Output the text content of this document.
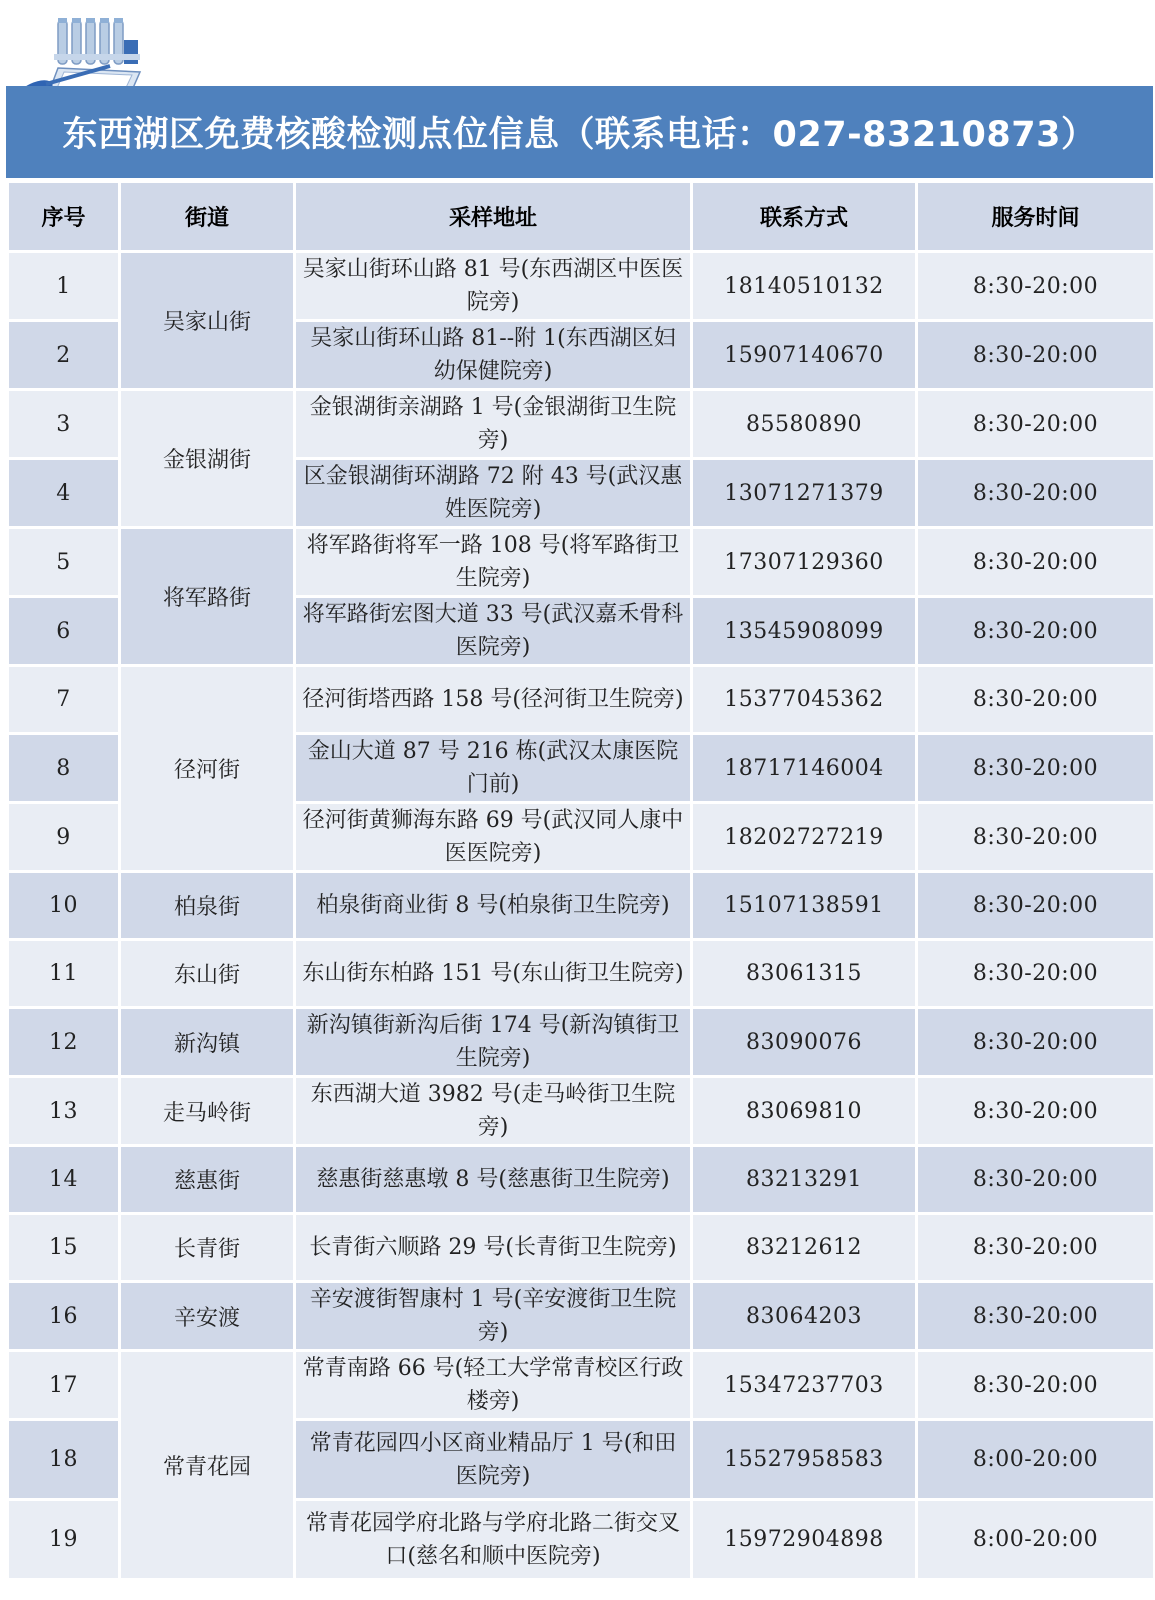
东西湖区免费核酸检测点位信息（联系电话：027-83210873）
序号	街道	采样地址	联系方式	服务时间
1	吴家山街	吴家山街环山路 81 号(东西湖区中医医院旁)	18140510132	8:30-20:00
2		吴家山街环山路 81--附 1(东西湖区妇幼保健院旁)	15907140670	8:30-20:00
3	金银湖街	金银湖街亲湖路 1 号(金银湖街卫生院旁)	85580890	8:30-20:00
4		区金银湖街环湖路 72 附 43 号(武汉惠姓医院旁)	13071271379	8:30-20:00
5	将军路街	将军路街将军一路 108 号(将军路街卫生院旁)	17307129360	8:30-20:00
6		将军路街宏图大道 33 号(武汉嘉禾骨科医院旁)	13545908099	8:30-20:00
7	径河街	径河街塔西路 158 号(径河街卫生院旁)	15377045362	8:30-20:00
8		金山大道 87 号 216 栋(武汉太康医院门前)	18717146004	8:30-20:00
9		径河街黄狮海东路 69 号(武汉同人康中医医院旁)	18202727219	8:30-20:00
10	柏泉街	柏泉街商业街 8 号(柏泉街卫生院旁)	15107138591	8:30-20:00
11	东山街	东山街东柏路 151 号(东山街卫生院旁)	83061315	8:30-20:00
12	新沟镇	新沟镇街新沟后街 174 号(新沟镇街卫生院旁)	83090076	8:30-20:00
13	走马岭街	东西湖大道 3982 号(走马岭街卫生院旁)	83069810	8:30-20:00
14	慈惠街	慈惠街慈惠墩 8 号(慈惠街卫生院旁)	83213291	8:30-20:00
15	长青街	长青街六顺路 29 号(长青街卫生院旁)	83212612	8:30-20:00
16	辛安渡	辛安渡街智康村 1 号(辛安渡街卫生院旁)	83064203	8:30-20:00
17	常青花园	常青南路 66 号(轻工大学常青校区行政楼旁)	15347237703	8:30-20:00
18		常青花园四小区商业精品厅 1 号(和田医院旁)	15527958583	8:00-20:00
19		常青花园学府北路与学府北路二街交叉口(慈名和顺中医院旁)	15972904898	8:00-20:00
